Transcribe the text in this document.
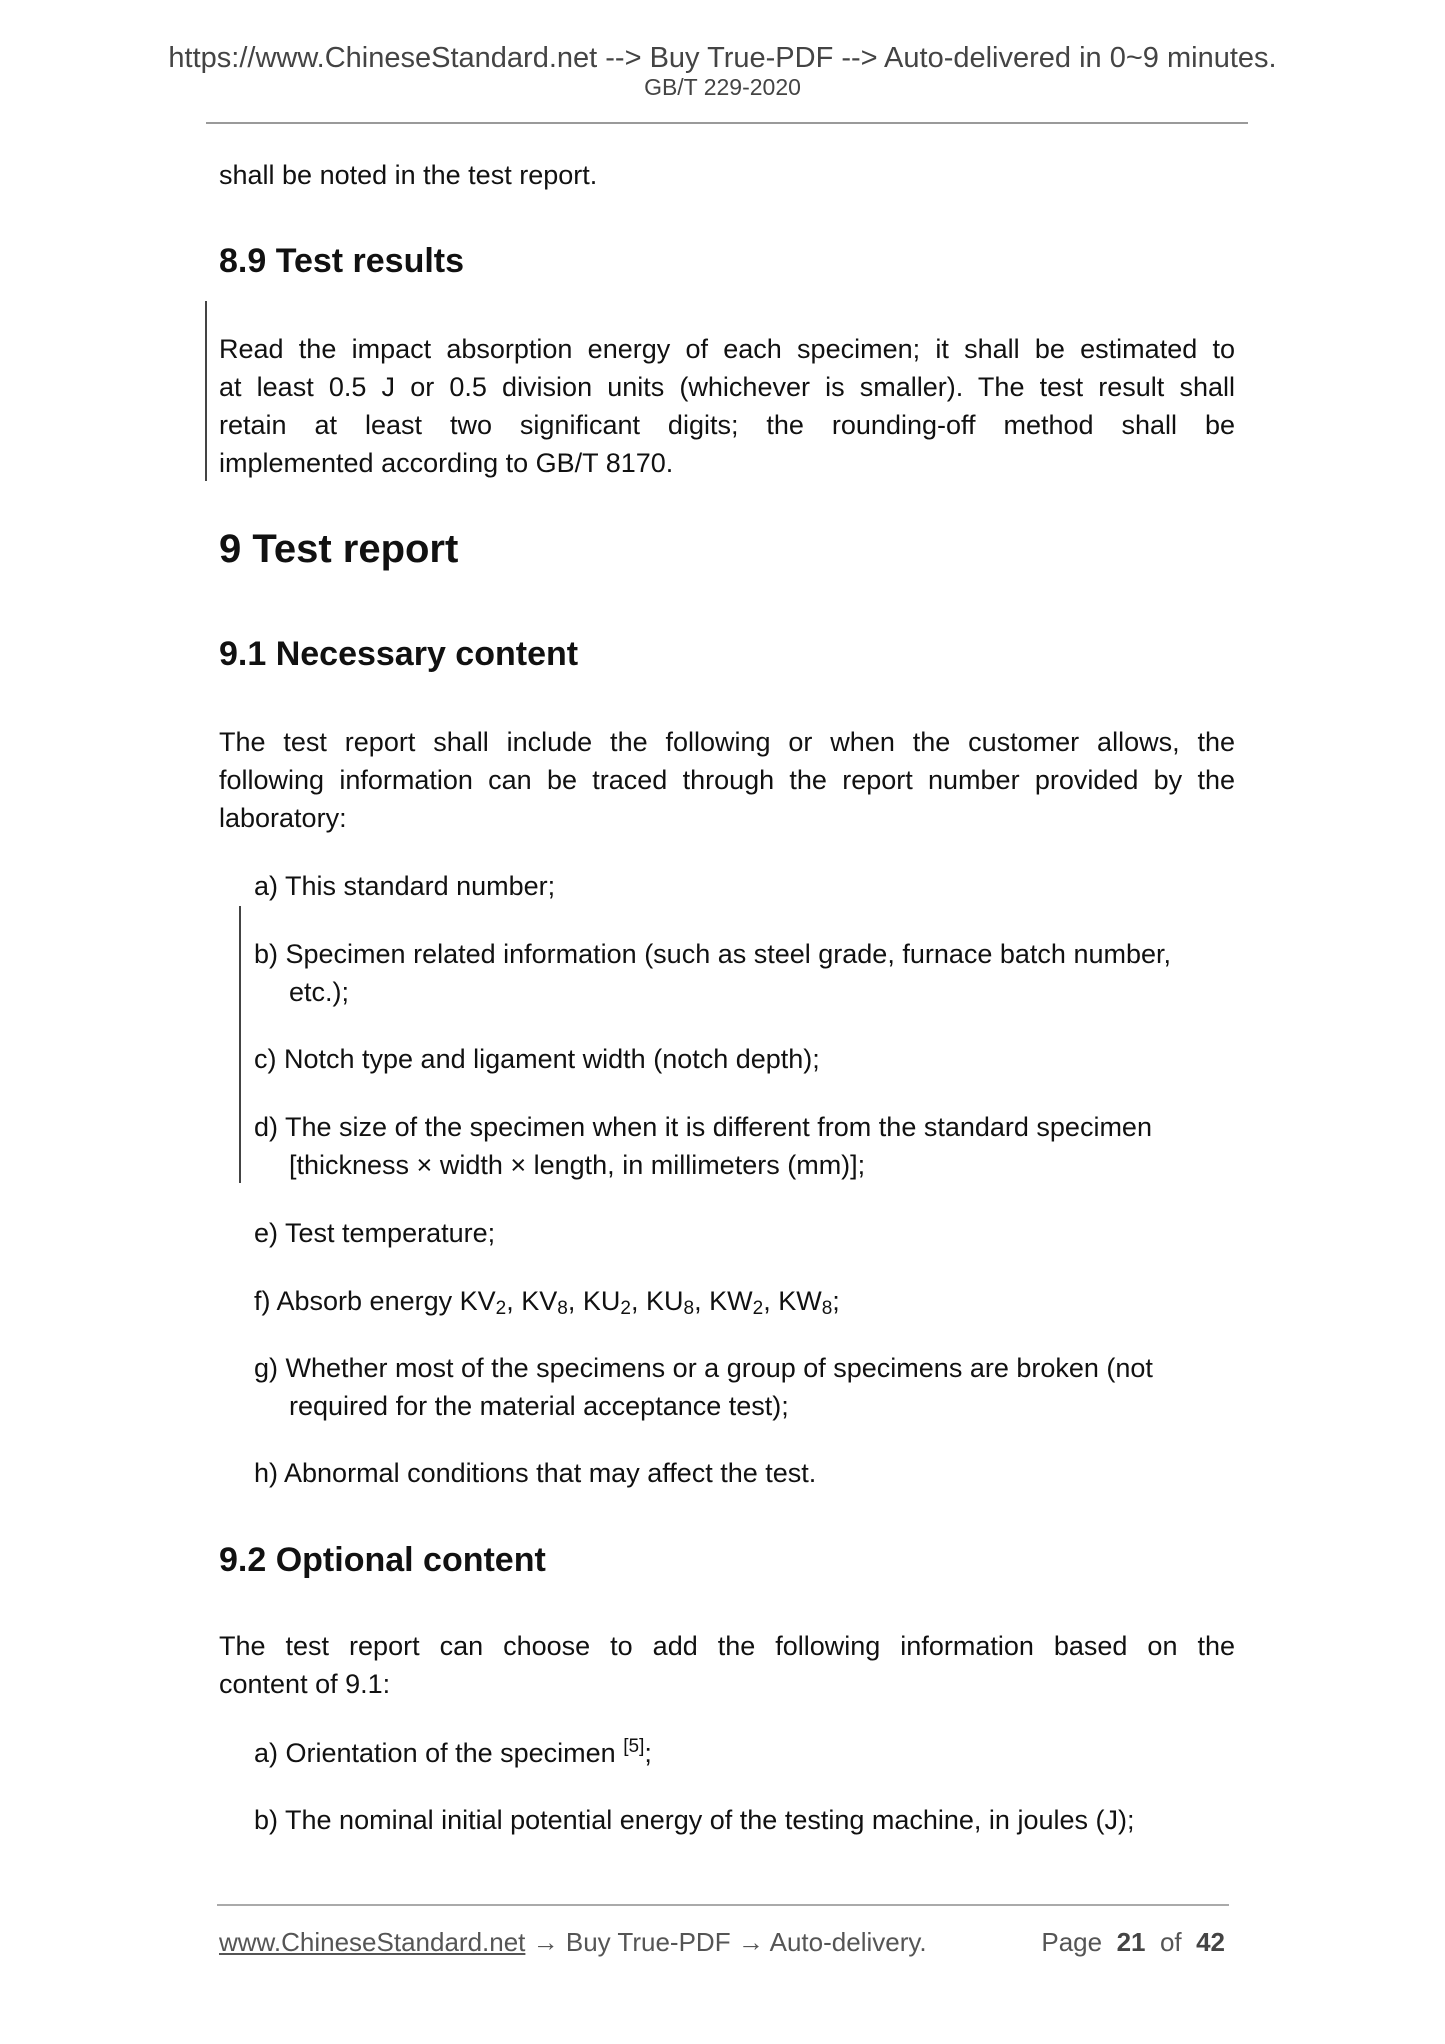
https://www.ChineseStandard.net --> Buy True-PDF --> Auto-delivered in 0~9 minutes.
GB/T 229-2020
shall be noted in the test report.
8.9 Test results
Read the impact absorption energy of each specimen; it shall be estimated to
at least 0.5 J or 0.5 division units (whichever is smaller). The test result shall
retain at least two significant digits; the rounding-off method shall be
implemented according to GB/T 8170.
9 Test report
9.1 Necessary content
The test report shall include the following or when the customer allows, the
following information can be traced through the report number provided by the
laboratory:
a) This standard number;
b) Specimen related information (such as steel grade, furnace batch number,
etc.);
c) Notch type and ligament width (notch depth);
d) The size of the specimen when it is different from the standard specimen
[thickness × width × length, in millimeters (mm)];
e) Test temperature;
f) Absorb energy $KV_2$, $KV_8$, $KU_2$, $KU_8$, $KW_2$, $KW_8$;
g) Whether most of the specimens or a group of specimens are broken (not
required for the material acceptance test);
h) Abnormal conditions that may affect the test.
9.2 Optional content
The test report can choose to add the following information based on the
content of 9.1:
a) Orientation of the specimen [5];
b) The nominal initial potential energy of the testing machine, in joules (J);
www.ChineseStandard.net → Buy True-PDF → Auto-delivery.	Page 21 of 42
